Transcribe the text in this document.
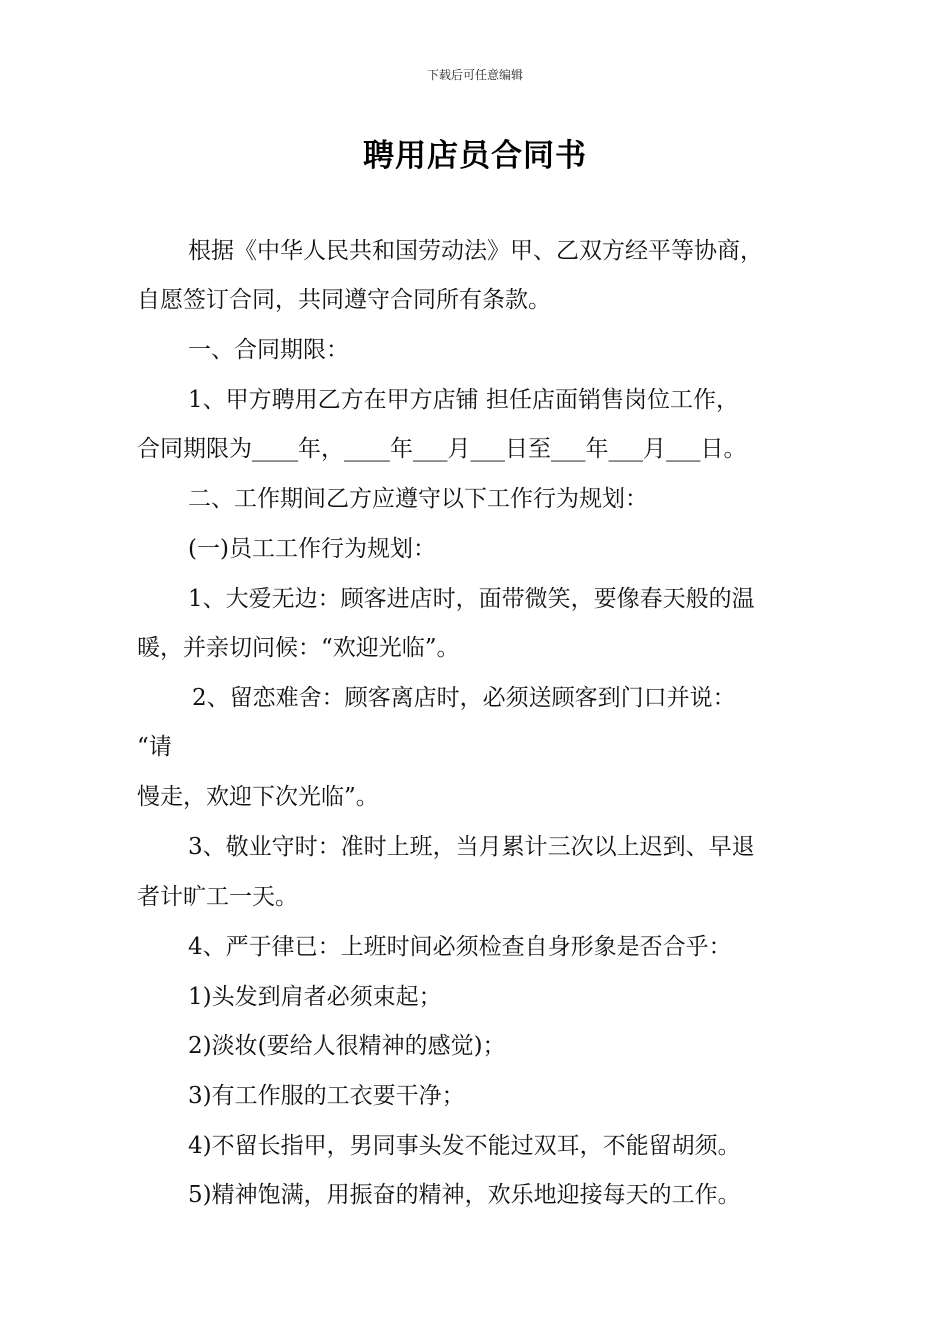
下载后可任意编辑
聘用店员合同书
根据《中华人民共和国劳动法》甲、乙双方经平等协商，
自愿签订合同，共同遵守合同所有条款。
一、合同期限：
1、甲方聘用乙方在甲方店铺 担任店面销售岗位工作，
合同期限为____年，____年___月___日至___年___月___日。
二、工作期间乙方应遵守以下工作行为规划：
(一)员工工作行为规划：
1、大爱无边：顾客进店时，面带微笑，要像春天般的温
暖，并亲切问候：“欢迎光临”。
2、留恋难舍：顾客离店时，必须送顾客到门口并说：
“请
慢走，欢迎下次光临”。
3、敬业守时：准时上班，当月累计三次以上迟到、早退
者计旷工一天。
4、严于律已：上班时间必须检查自身形象是否合乎：
1)头发到肩者必须束起；
2)淡妆(要给人很精神的感觉)；
3)有工作服的工衣要干净；
4)不留长指甲，男同事头发不能过双耳，不能留胡须。
5)精神饱满，用振奋的精神，欢乐地迎接每天的工作。
